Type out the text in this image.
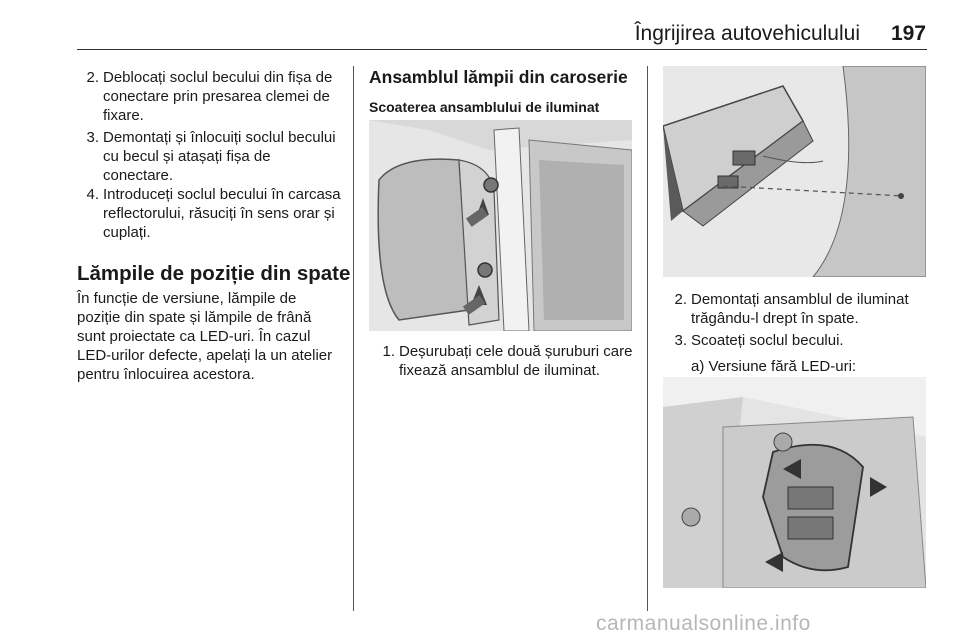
Îngrijirea autovehiculului	197
2. Deblocați soclul becului din fișa de conectare prin presarea clemei de fixare.
3. Demontați și înlocuiți soclul becului cu becul și atașați fișa de conectare.
4. Introduceți soclul becului în carcasa reflectorului, răsuciți în sens orar și cuplați.
Lămpile de poziție din spate
În funcție de versiune, lămpile de poziție din spate și lămpile de frână sunt proiectate ca LED-uri. În cazul LED-urilor defecte, apelați la un atelier pentru înlocuirea acestora.
Ansamblul lămpii din caroserie
Scoaterea ansamblului de iluminat
1. Deșurubați cele două șuruburi care fixează ansamblul de iluminat.
2. Demontați ansamblul de iluminat trăgându-l drept în spate.
3. Scoateți soclul becului.
a) Versiune fără LED-uri:
carmanualsonline.info
